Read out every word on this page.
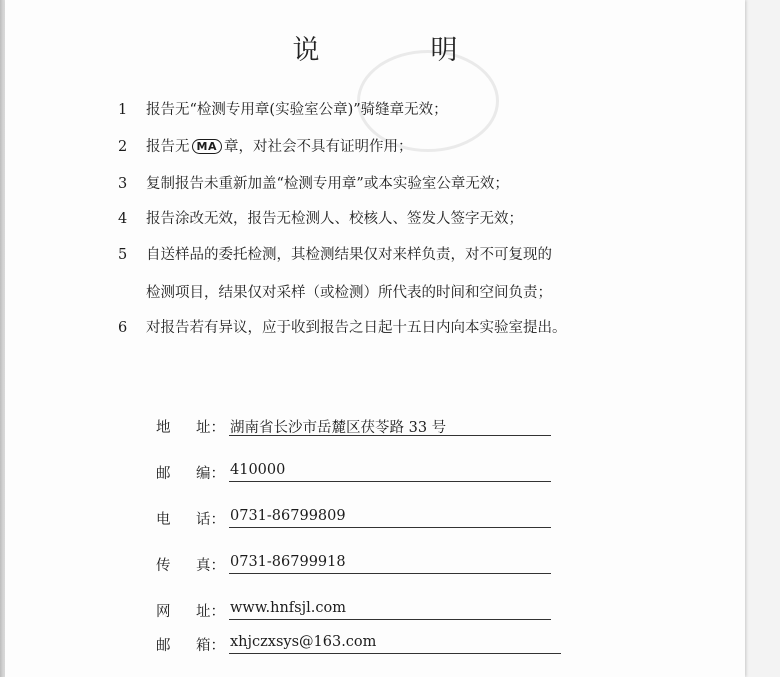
说　明
1 报告无“检测专用章(实验室公章)”骑缝章无效；
2 报告无 MA 章，对社会不具有证明作用；
3 复制报告未重新加盖“检测专用章”或本实验室公章无效；
4 报告涂改无效，报告无检测人、校核人、签发人签字无效；
5 自送样品的委托检测，其检测结果仅对来样负责，对不可复现的
检测项目，结果仅对采样（或检测）所代表的时间和空间负责；
6 对报告若有异议，应于收到报告之日起十五日内向本实验室提出。
地 址： 湖南省长沙市岳麓区茯苓路 33 号
邮 编： 410000
电 话： 0731-86799809
传 真： 0731-86799918
网 址： www.hnfsjl.com
邮 箱： xhjczxsys@163.com
